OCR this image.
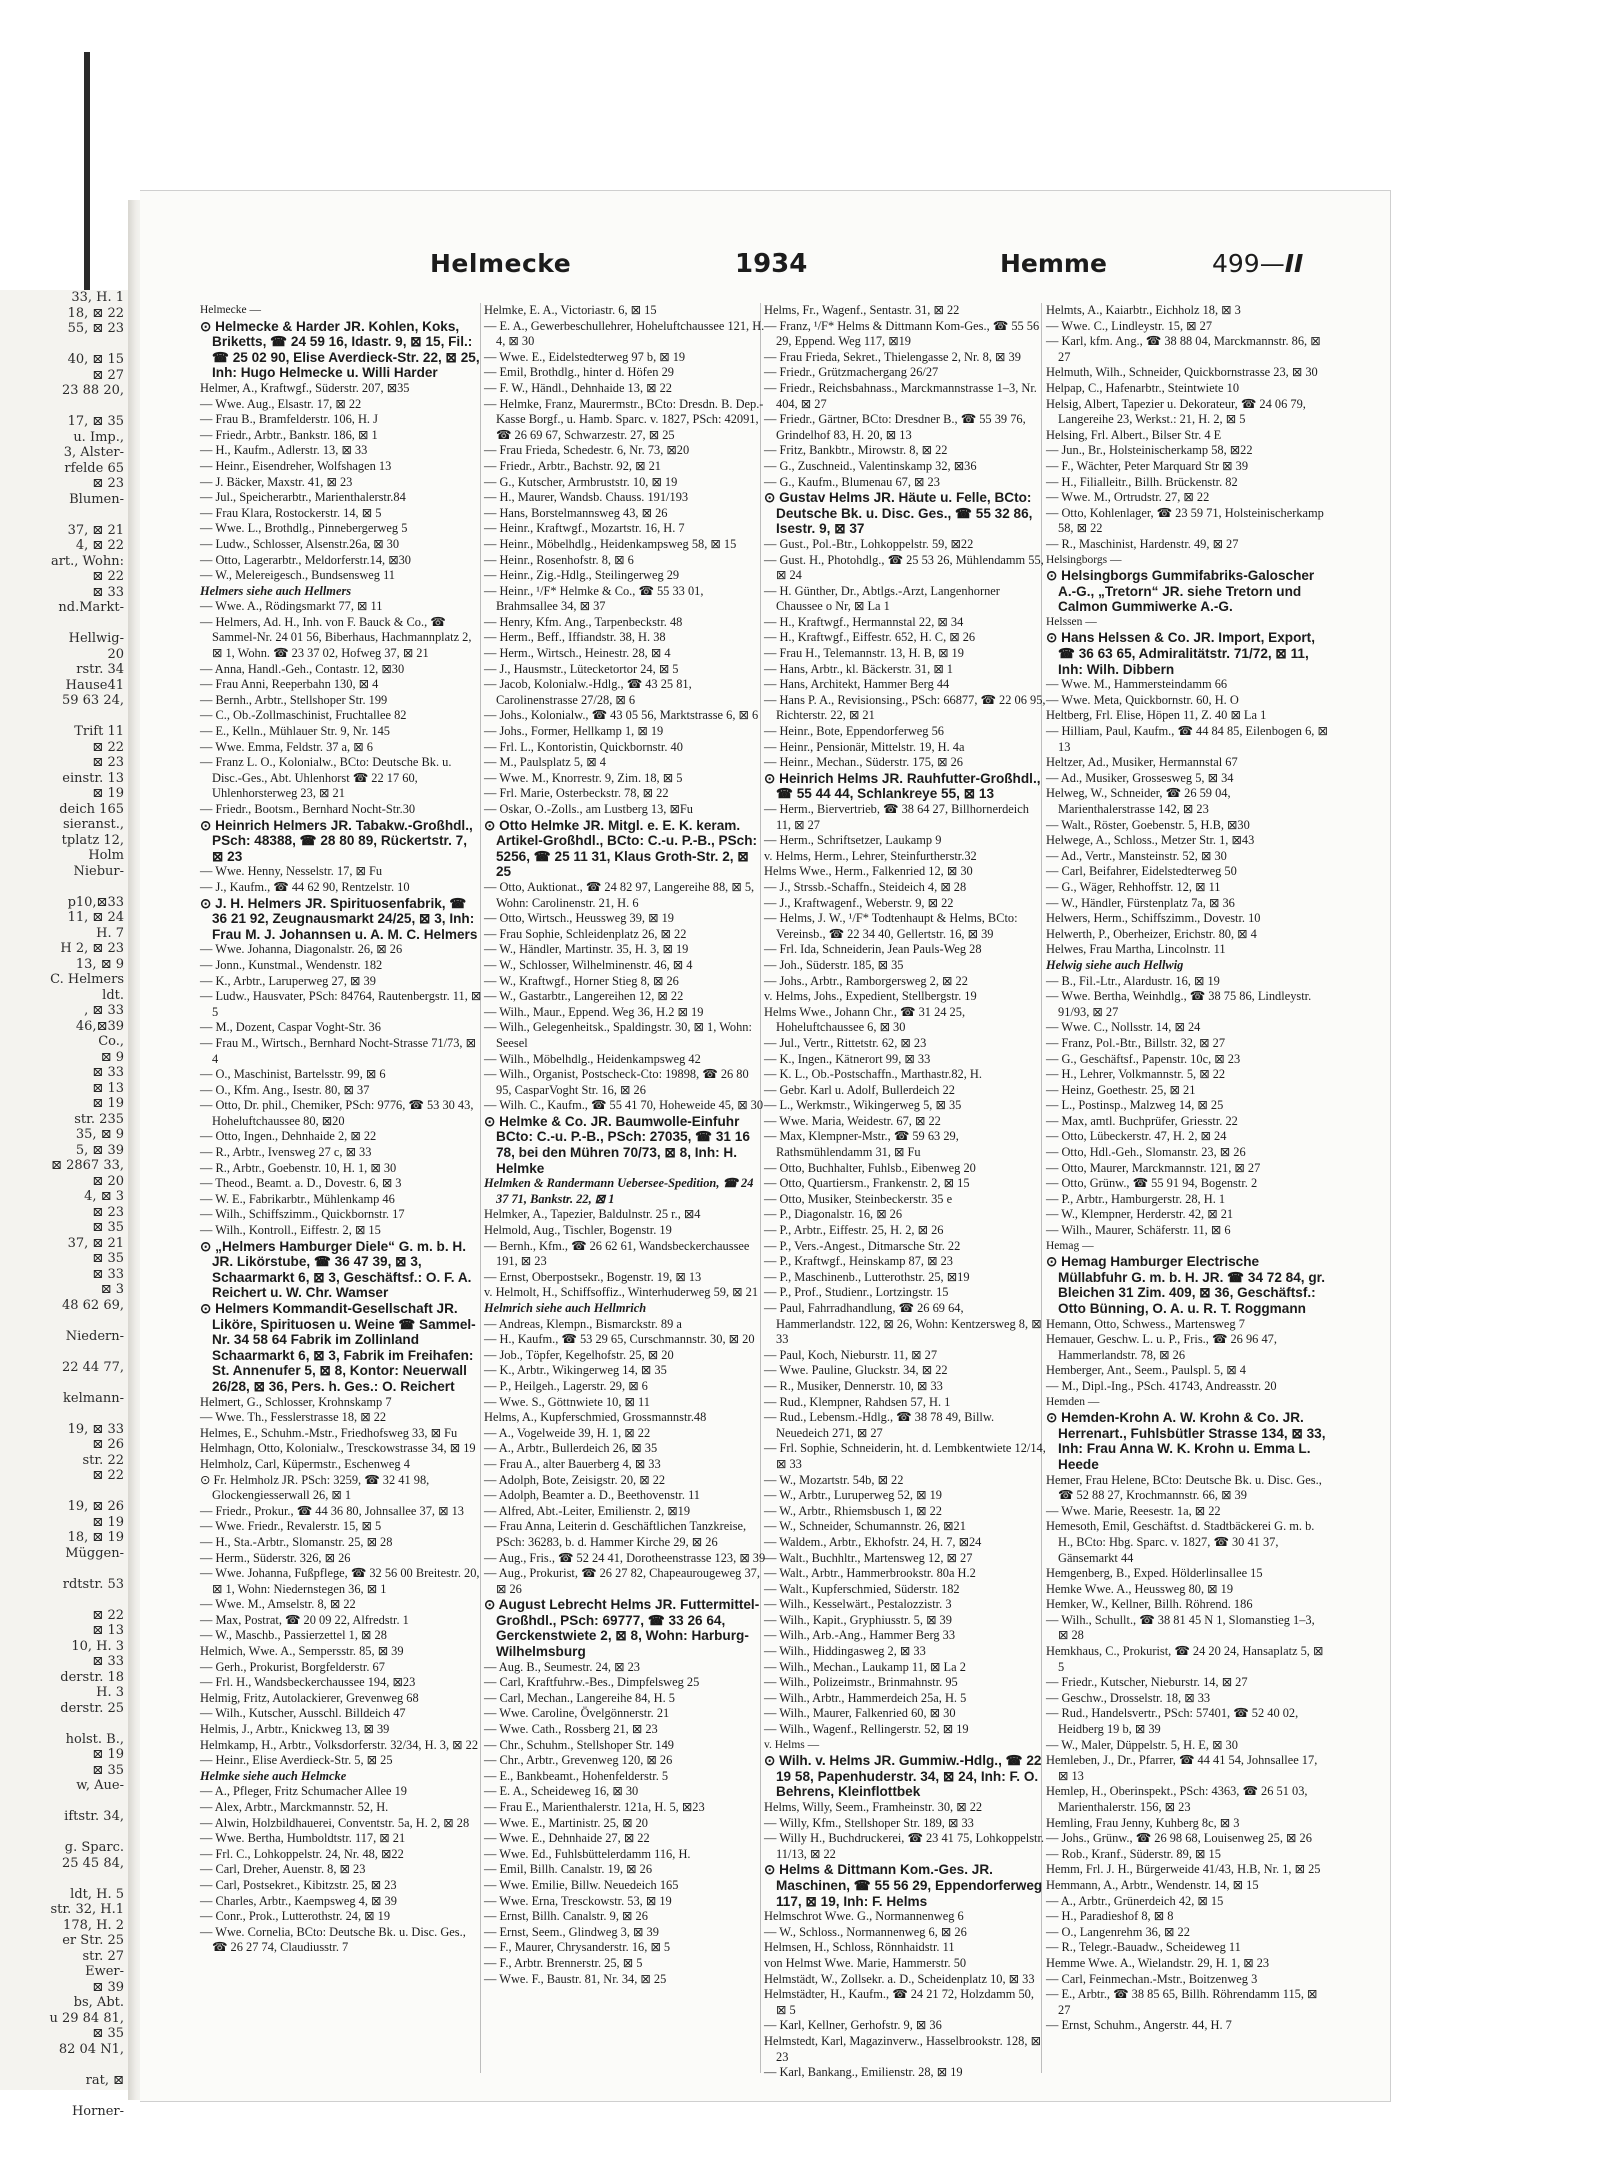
33, H. 1
18, ⊠ 22
55, ⊠ 23

40, ⊠ 15
⊠ 27
23 88 20,

17, ⊠ 35
u. Imp.,
3, Alster-
rfelde 65
⊠ 23
Blumen-

37, ⊠ 21
4, ⊠ 22
art., Wohn:
⊠ 22
⊠ 33
nd.Markt-

Hellwig-
20
rstr. 34
Hause41
59 63 24,

Trift 11
⊠ 22
⊠ 23
einstr. 13
⊠ 19
deich 165
sieranst.,
tplatz 12,
Holm
Niebur-

p10,⊠33
11, ⊠ 24
H. 7
H 2, ⊠ 23
13, ⊠ 9
C. Helmers
ldt.
, ⊠ 33
46,⊠39
Co.,
⊠ 9
⊠ 33
⊠ 13
⊠ 19
str. 235
35, ⊠ 9
5, ⊠ 39
⊠ 2867 33,
⊠ 20
4, ⊠ 3
⊠ 23
⊠ 35
37, ⊠ 21
⊠ 35
⊠ 33
⊠ 3
48 62 69,

Niedern-

22 44 77,

kelmann-

19, ⊠ 33
⊠ 26
str. 22
⊠ 22

19, ⊠ 26
⊠ 19
18, ⊠ 19
Müggen-

rdtstr. 53

⊠ 22
⊠ 13
10, H. 3
⊠ 33
derstr. 18
H. 3
derstr. 25

holst. B.,
⊠ 19
⊠ 35
w, Aue-

iftstr. 34,

g. Sparc.
25 45 84,

ldt, H. 5
str. 32, H.1
178, H. 2
er Str. 25
str. 27
Ewer-
⊠ 39
bs, Abt.
u 29 84 81,
⊠ 35
82 04 N1,

rat, ⊠

Horner-
Helmecke	1934	Hemme	499—II

Helmecke —

⊙ Helmecke & Harder JR. Kohlen, Koks, Briketts, ☎ 24 59 16, Idastr. 9, ⊠ 15, Fil.: ☎ 25 02 90, Elise Averdieck-Str. 22, ⊠ 25, Inh: Hugo Helmecke u. Willi Harder

Helmer, A., Kraftwgf., Süderstr. 207, ⊠35

— Wwe. Aug., Elsastr. 17, ⊠ 22

— Frau B., Bramfelderstr. 106, H. J

— Friedr., Arbtr., Bankstr. 186, ⊠ 1

— H., Kaufm., Adlerstr. 13, ⊠ 33

— Heinr., Eisendreher, Wolfshagen 13

— J. Bäcker, Maxstr. 41, ⊠ 23

— Jul., Speicherarbtr., Marienthalerstr.84

— Frau Klara, Rostockerstr. 14, ⊠ 5

— Wwe. L., Brothdlg., Pinnebergerweg 5

— Ludw., Schlosser, Alsenstr.26a, ⊠ 30

— Otto, Lagerarbtr., Meldorferstr.14, ⊠30

— W., Melereigesch., Bundsensweg 11

Helmers siehe auch Hellmers

— Wwe. A., Rödingsmarkt 77, ⊠ 11

— Helmers, Ad. H., Inh. von F. Bauck & Co., ☎ Sammel-Nr. 24 01 56, Biberhaus, Hachmannplatz 2, ⊠ 1, Wohn. ☎ 23 37 02, Hofweg 37, ⊠ 21

— Anna, Handl.-Geh., Contastr. 12, ⊠30

— Frau Anni, Reeperbahn 130, ⊠ 4

— Bernh., Arbtr., Stellshoper Str. 199

— C., Ob.-Zollmaschinist, Fruchtallee 82

— E., Kelln., Mühlauer Str. 9, Nr. 145

— Wwe. Emma, Feldstr. 37 a, ⊠ 6

— Franz L. O., Kolonialw., BCto: Deutsche Bk. u. Disc.-Ges., Abt. Uhlenhorst ☎ 22 17 60, Uhlenhorsterweg 23, ⊠ 21

— Friedr., Bootsm., Bernhard Nocht-Str.30

⊙ Heinrich Helmers JR. Tabakw.-Großhdl., PSch: 48388, ☎ 28 80 89, Rückertstr. 7, ⊠ 23

— Wwe. Henny, Nesselstr. 17, ⊠ Fu

— J., Kaufm., ☎ 44 62 90, Rentzelstr. 10

⊙ J. H. Helmers JR. Spirituosenfabrik, ☎ 36 21 92, Zeugnausmarkt 24/25, ⊠ 3, Inh: Frau M. J. Johannsen u. A. M. C. Helmers

— Wwe. Johanna, Diagonalstr. 26, ⊠ 26

— Jonn., Kunstmal., Wendenstr. 182

— K., Arbtr., Laruperweg 27, ⊠ 39

— Ludw., Hausvater, PSch: 84764, Rautenbergstr. 11, ⊠ 5

— M., Dozent, Caspar Voght-Str. 36

— Frau M., Wirtsch., Bernhard Nocht-Strasse 71/73, ⊠ 4

— O., Maschinist, Bartelsstr. 99, ⊠ 6

— O., Kfm. Ang., Isestr. 80, ⊠ 37

— Otto, Dr. phil., Chemiker, PSch: 9776, ☎ 53 30 43, Hoheluftchaussee 80, ⊠20

— Otto, Ingen., Dehnhaide 2, ⊠ 22

— R., Arbtr., Ivensweg 27 c, ⊠ 33

— R., Arbtr., Goebenstr. 10, H. 1, ⊠ 30

— Theod., Beamt. a. D., Dovestr. 6, ⊠ 3

— W. E., Fabrikarbtr., Mühlenkamp 46

— Wilh., Schiffszimm., Quickbornstr. 17

— Wilh., Kontroll., Eiffestr. 2, ⊠ 15

⊙ „Helmers Hamburger Diele“ G. m. b. H. JR. Likörstube, ☎ 36 47 39, ⊠ 3, Schaarmarkt 6, ⊠ 3, Geschäftsf.: O. F. A. Reichert u. W. Chr. Wamser

⊙ Helmers Kommandit-Gesellschaft JR. Liköre, Spirituosen u. Weine ☎ Sammel-Nr. 34 58 64 Fabrik im Zollinland Schaarmarkt 6, ⊠ 3, Fabrik im Freihafen: St. Annenufer 5, ⊠ 8, Kontor: Neuerwall 26/28, ⊠ 36, Pers. h. Ges.: O. Reichert

Helmert, G., Schlosser, Krohnskamp 7

— Wwe. Th., Fesslerstrasse 18, ⊠ 22

Helmes, E., Schuhm.-Mstr., Friedhofsweg 33, ⊠ Fu

Helmhagn, Otto, Kolonialw., Tresckowstrasse 34, ⊠ 19

Helmholz, Carl, Küpermstr., Eschenweg 4

⊙ Fr. Helmholz JR. PSch: 3259, ☎ 32 41 98, Glockengiesserwall 26, ⊠ 1

— Friedr., Prokur., ☎ 44 36 80, Johnsallee 37, ⊠ 13

— Wwe. Friedr., Revalerstr. 15, ⊠ 5

— H., Sta.-Arbtr., Slomanstr. 25, ⊠ 28

— Herm., Süderstr. 326, ⊠ 26

— Wwe. Johanna, Fußpflege, ☎ 32 56 00 Breitestr. 20, ⊠ 1, Wohn: Niedernstegen 36, ⊠ 1

— Wwe. M., Amselstr. 8, ⊠ 22

— Max, Postrat, ☎ 20 09 22, Alfredstr. 1

— W., Maschb., Passierzettel 1, ⊠ 28

Helmich, Wwe. A., Sempersstr. 85, ⊠ 39

— Gerh., Prokurist, Borgfelderstr. 67

— Frl. H., Wandsbeckerchaussee 194, ⊠23

Helmig, Fritz, Autolackierer, Grevenweg 68

— Wilh., Kutscher, Ausschl. Billdeich 47

Helmis, J., Arbtr., Knickweg 13, ⊠ 39

Helmkamp, H., Arbtr., Volksdorferstr. 32/34, H. 3, ⊠ 22

— Heinr., Elise Averdieck-Str. 5, ⊠ 25

Helmke siehe auch Helmcke

— A., Pfleger, Fritz Schumacher Allee 19

— Alex, Arbtr., Marckmannstr. 52, H.

— Alwin, Holzbildhauerei, Conventstr. 5a, H. 2, ⊠ 28

— Wwe. Bertha, Humboldtstr. 117, ⊠ 21

— Frl. C., Lohkoppelstr. 24, Nr. 48, ⊠22

— Carl, Dreher, Auenstr. 8, ⊠ 23

— Carl, Postsekret., Kibitzstr. 25, ⊠ 23

— Charles, Arbtr., Kaempsweg 4, ⊠ 39

— Conr., Prok., Lutterothstr. 24, ⊠ 19

— Wwe. Cornelia, BCto: Deutsche Bk. u. Disc. Ges., ☎ 26 27 74, Claudiusstr. 7

Helmke, E. A., Victoriastr. 6, ⊠ 15

— E. A., Gewerbeschullehrer, Hoheluftchaussee 121, H. 4, ⊠ 30

— Wwe. E., Eidelstedterweg 97 b, ⊠ 19

— Emil, Brothdlg., hinter d. Höfen 29

— F. W., Händl., Dehnhaide 13, ⊠ 22

— Helmke, Franz, Maurermstr., BCto: Dresdn. B. Dep.-Kasse Borgf., u. Hamb. Sparc. v. 1827, PSch: 42091, ☎ 26 69 67, Schwarzestr. 27, ⊠ 25

— Frau Frieda, Schedestr. 6, Nr. 73, ⊠20

— Friedr., Arbtr., Bachstr. 92, ⊠ 21

— G., Kutscher, Armbruststr. 10, ⊠ 19

— H., Maurer, Wandsb. Chauss. 191/193

— Hans, Borstelmannsweg 43, ⊠ 26

— Heinr., Kraftwgf., Mozartstr. 16, H. 7

— Heinr., Möbelhdlg., Heidenkampsweg 58, ⊠ 15

— Heinr., Rosenhofstr. 8, ⊠ 6

— Heinr., Zig.-Hdlg., Steilingerweg 29

— Heinr., ¹/F* Helmke & Co., ☎ 55 33 01, Brahmsallee 34, ⊠ 37

— Henry, Kfm. Ang., Tarpenbeckstr. 48

— Herm., Beff., Iffiandstr. 38, H. 38

— Herm., Wirtsch., Heinestr. 28, ⊠ 4

— J., Hausmstr., Lütecketortor 24, ⊠ 5

— Jacob, Kolonialw.-Hdlg., ☎ 43 25 81, Carolinenstrasse 27/28, ⊠ 6

— Johs., Kolonialw., ☎ 43 05 56, Marktstrasse 6, ⊠ 6

— Johs., Former, Hellkamp 1, ⊠ 19

— Frl. L., Kontoristin, Quickbornstr. 40

— M., Paulsplatz 5, ⊠ 4

— Wwe. M., Knorrestr. 9, Zim. 18, ⊠ 5

— Frl. Marie, Osterbeckstr. 78, ⊠ 22

— Oskar, O.-Zolls., am Lustberg 13, ⊠Fu

⊙ Otto Helmke JR. Mitgl. e. E. K. keram. Artikel-Großhdl., BCto: C.-u. P.-B., PSch: 5256, ☎ 25 11 31, Klaus Groth-Str. 2, ⊠ 25

— Otto, Auktionat., ☎ 24 82 97, Langereihe 88, ⊠ 5, Wohn: Carolinenstr. 21, H. 6

— Otto, Wirtsch., Heussweg 39, ⊠ 19

— Frau Sophie, Schleidenplatz 26, ⊠ 22

— W., Händler, Martinstr. 35, H. 3, ⊠ 19

— W., Schlosser, Wilhelminenstr. 46, ⊠ 4

— W., Kraftwgf., Horner Stieg 8, ⊠ 26

— W., Gastarbtr., Langereihen 12, ⊠ 22

— Wilh., Maur., Eppend. Weg 36, H.2 ⊠ 19

— Wilh., Gelegenheitsk., Spaldingstr. 30, ⊠ 1, Wohn: Seesel

— Wilh., Möbelhdlg., Heidenkampsweg 42

— Wilh., Organist, Postscheck-Cto: 19898, ☎ 26 80 95, CasparVoght Str. 16, ⊠ 26

— Wilh. C., Kaufm., ☎ 55 41 70, Hoheweide 45, ⊠ 30

⊙ Helmke & Co. JR. Baumwolle-Einfuhr BCto: C.-u. P.-B., PSch: 27035, ☎ 31 16 78, bei den Mühren 70/73, ⊠ 8, Inh: H. Helmke

Helmken & Randermann Uebersee-Spedition, ☎ 24 37 71, Bankstr. 22, ⊠ 1

Helmker, A., Tapezier, Baldulnstr. 25 r., ⊠4

Helmold, Aug., Tischler, Bogenstr. 19

— Bernh., Kfm., ☎ 26 62 61, Wandsbeckerchaussee 191, ⊠ 23

— Ernst, Oberpostsekr., Bogenstr. 19, ⊠ 13

v. Helmolt, H., Schiffsoffiz., Winterhuderweg 59, ⊠ 21

Helmrich siehe auch Hellmrich

— Andreas, Klempn., Bismarckstr. 89 a

— H., Kaufm., ☎ 53 29 65, Curschmannstr. 30, ⊠ 20

— Job., Töpfer, Kegelhofstr. 25, ⊠ 20

— K., Arbtr., Wikingerweg 14, ⊠ 35

— P., Heilgeh., Lagerstr. 29, ⊠ 6

— Wwe. S., Göttnwiete 10, ⊠ 11

Helms, A., Kupferschmied, Grossmannstr.48

— A., Vogelweide 39, H. 1, ⊠ 22

— A., Arbtr., Bullerdeich 26, ⊠ 35

— Frau A., alter Bauerberg 4, ⊠ 33

— Adolph, Bote, Zeisigstr. 20, ⊠ 22

— Adolph, Beamter a. D., Beethovenstr. 11

— Alfred, Abt.-Leiter, Emilienstr. 2, ⊠19

— Frau Anna, Leiterin d. Geschäftlichen Tanzkreise, PSch: 36283, b. d. Hammer Kirche 29, ⊠ 26

— Aug., Fris., ☎ 52 24 41, Dorotheenstrasse 123, ⊠ 39

— Aug., Prokurist, ☎ 26 27 82, Chapeaurougeweg 37, ⊠ 26

⊙ August Lebrecht Helms JR. Futtermittel-Großhdl., PSch: 69777, ☎ 33 26 64, Gerckenstwiete 2, ⊠ 8, Wohn: Harburg-Wilhelmsburg

— Aug. B., Seumestr. 24, ⊠ 23

— Carl, Kraftfuhrw.-Bes., Dimpfelsweg 25

— Carl, Mechan., Langereihe 84, H. 5

— Wwe. Caroline, Övelgönnerstr. 21

— Wwe. Cath., Rossberg 21, ⊠ 23

— Chr., Schuhm., Stellshoper Str. 149

— Chr., Arbtr., Grevenweg 120, ⊠ 26

— E., Bankbeamt., Hohenfelderstr. 5

— E. A., Scheideweg 16, ⊠ 30

— Frau E., Marienthalerstr. 121a, H. 5, ⊠23

— Wwe. E., Martinistr. 25, ⊠ 20

— Wwe. E., Dehnhaide 27, ⊠ 22

— Wwe. Ed., Fuhlsbüttelerdamm 116, H.

— Emil, Billh. Canalstr. 19, ⊠ 26

— Wwe. Emilie, Billw. Neuedeich 165

— Wwe. Erna, Tresckowstr. 53, ⊠ 19

— Ernst, Billh. Canalstr. 9, ⊠ 26

— Ernst, Seem., Glindweg 3, ⊠ 39

— F., Maurer, Chrysanderstr. 16, ⊠ 5

— F., Arbtr. Brennerstr. 25, ⊠ 5

— Wwe. F., Baustr. 81, Nr. 34, ⊠ 25

Helms, Fr., Wagenf., Sentastr. 31, ⊠ 22

— Franz, ¹/F* Helms & Dittmann Kom-Ges., ☎ 55 56 29, Eppend. Weg 117, ⊠19

— Frau Frieda, Sekret., Thielengasse 2, Nr. 8, ⊠ 39

— Friedr., Grützmachergang 26/27

— Friedr., Reichsbahnass., Marckmannstrasse 1–3, Nr. 404, ⊠ 27

— Friedr., Gärtner, BCto: Dresdner B., ☎ 55 39 76, Grindelhof 83, H. 20, ⊠ 13

— Fritz, Bankbtr., Mirowstr. 8, ⊠ 22

— G., Zuschneid., Valentinskamp 32, ⊠36

— G., Kaufm., Blumenau 67, ⊠ 23

⊙ Gustav Helms JR. Häute u. Felle, BCto: Deutsche Bk. u. Disc. Ges., ☎ 55 32 86, Isestr. 9, ⊠ 37

— Gust., Pol.-Btr., Lohkoppelstr. 59, ⊠22

— Gust. H., Photohdlg., ☎ 25 53 26, Mühlendamm 55, ⊠ 24

— H. Günther, Dr., Abtlgs.-Arzt, Langenhorner Chaussee o Nr, ⊠ La 1

— H., Kraftwgf., Hermannstal 22, ⊠ 34

— H., Kraftwgf., Eiffestr. 652, H. C, ⊠ 26

— Frau H., Telemannstr. 13, H. B, ⊠ 19

— Hans, Arbtr., kl. Bäckerstr. 31, ⊠ 1

— Hans, Architekt, Hammer Berg 44

— Hans P. A., Revisionsing., PSch: 66877, ☎ 22 06 95, Richterstr. 22, ⊠ 21

— Heinr., Bote, Eppendorferweg 56

— Heinr., Pensionär, Mittelstr. 19, H. 4a

— Heinr., Mechan., Süderstr. 175, ⊠ 26

⊙ Heinrich Helms JR. Rauhfutter-Großhdl., ☎ 55 44 44, Schlankreye 55, ⊠ 13

— Herm., Biervertrieb, ☎ 38 64 27, Billhornerdeich 11, ⊠ 27

— Herm., Schriftsetzer, Laukamp 9

v. Helms, Herm., Lehrer, Steinfurtherstr.32

Helms Wwe., Herm., Falkenried 12, ⊠ 30

— J., Strssb.-Schaffn., Steideich 4, ⊠ 28

— J., Kraftwagenf., Weberstr. 9, ⊠ 22

— Helms, J. W., ¹/F* Todtenhaupt & Helms, BCto: Vereinsb., ☎ 22 34 40, Gellertstr. 16, ⊠ 39

— Frl. Ida, Schneiderin, Jean Pauls-Weg 28

— Joh., Süderstr. 185, ⊠ 35

— Johs., Arbtr., Ramborgersweg 2, ⊠ 22

v. Helms, Johs., Expedient, Stellbergstr. 19

Helms Wwe., Johann Chr., ☎ 31 24 25, Hoheluftchaussee 6, ⊠ 30

— Jul., Vertr., Rittetstr. 62, ⊠ 23

— K., Ingen., Kätnerort 99, ⊠ 33

— K. L., Ob.-Postschaffn., Marthastr.82, H.

— Gebr. Karl u. Adolf, Bullerdeich 22

— L., Werkmstr., Wikingerweg 5, ⊠ 35

— Wwe. Maria, Weidestr. 67, ⊠ 22

— Max, Klempner-Mstr., ☎ 59 63 29, Rathsmühlendamm 31, ⊠ Fu

— Otto, Buchhalter, Fuhlsb., Eibenweg 20

— Otto, Quartiersm., Frankenstr. 2, ⊠ 15

— Otto, Musiker, Steinbeckerstr. 35 e

— P., Diagonalstr. 16, ⊠ 26

— P., Arbtr., Eiffestr. 25, H. 2, ⊠ 26

— P., Vers.-Angest., Ditmarsche Str. 22

— P., Kraftwgf., Heinskamp 87, ⊠ 23

— P., Maschinenb., Lutterothstr. 25, ⊠19

— P., Prof., Studienr., Lortzingstr. 15

— Paul, Fahrradhandlung, ☎ 26 69 64, Hammerlandstr. 122, ⊠ 26, Wohn: Kentzersweg 8, ⊠ 33

— Paul, Koch, Nieburstr. 11, ⊠ 27

— Wwe. Pauline, Gluckstr. 34, ⊠ 22

— R., Musiker, Dennerstr. 10, ⊠ 33

— Rud., Klempner, Rahdsen 57, H. 1

— Rud., Lebensm.-Hdlg., ☎ 38 78 49, Billw. Neuedeich 271, ⊠ 27

— Frl. Sophie, Schneiderin, ht. d. Lembkentwiete 12/14, ⊠ 33

— W., Mozartstr. 54b, ⊠ 22

— W., Arbtr., Luruperweg 52, ⊠ 19

— W., Arbtr., Rhiemsbusch 1, ⊠ 22

— W., Schneider, Schumannstr. 26, ⊠21

— Waldem., Arbtr., Ekhofstr. 24, H. 7, ⊠24

— Walt., Buchhltr., Martensweg 12, ⊠ 27

— Walt., Arbtr., Hammerbrookstr. 80a H.2

— Walt., Kupferschmied, Süderstr. 182

— Wilh., Kesselwärt., Pestalozzistr. 3

— Wilh., Kapit., Gryphiusstr. 5, ⊠ 39

— Wilh., Arb.-Ang., Hammer Berg 33

— Wilh., Hiddingasweg 2, ⊠ 33

— Wilh., Mechan., Laukamp 11, ⊠ La 2

— Wilh., Polizeimstr., Brinmahnstr. 95

— Wilh., Arbtr., Hammerdeich 25a, H. 5

— Wilh., Maurer, Falkenried 60, ⊠ 30

— Wilh., Wagenf., Rellingerstr. 52, ⊠ 19

v. Helms —

⊙ Wilh. v. Helms JR. Gummiw.-Hdlg., ☎ 22 19 58, Papenhuderstr. 34, ⊠ 24, Inh: F. O. Behrens, Kleinflottbek

Helms, Willy, Seem., Framheinstr. 30, ⊠ 22

— Willy, Kfm., Stellshoper Str. 189, ⊠ 33

— Willy H., Buchdruckerei, ☎ 23 41 75, Lohkoppelstr. 11/13, ⊠ 22

⊙ Helms & Dittmann Kom.-Ges. JR. Maschinen, ☎ 55 56 29, Eppendorferweg 117, ⊠ 19, Inh: F. Helms

Helmschrot Wwe. G., Normannenweg 6

— W., Schloss., Normannenweg 6, ⊠ 26

Helmsen, H., Schloss, Rönnhaidstr. 11

von Helmst Wwe. Marie, Hammerstr. 50

Helmstädt, W., Zollsekr. a. D., Scheidenplatz 10, ⊠ 33

Helmstädter, H., Kaufm., ☎ 24 21 72, Holzdamm 50, ⊠ 5

— Karl, Kellner, Gerhofstr. 9, ⊠ 36

Helmstedt, Karl, Magazinverw., Hasselbrookstr. 128, ⊠ 23

— Karl, Bankang., Emilienstr. 28, ⊠ 19

Helmts, A., Kaiarbtr., Eichholz 18, ⊠ 3

— Wwe. C., Lindleystr. 15, ⊠ 27

— Karl, kfm. Ang., ☎ 38 88 04, Marckmannstr. 86, ⊠ 27

Helmuth, Wilh., Schneider, Quickbornstrasse 23, ⊠ 30

Helpap, C., Hafenarbtr., Steintwiete 10

Helsig, Albert, Tapezier u. Dekorateur, ☎ 24 06 79, Langereihe 23, Werkst.: 21, H. 2, ⊠ 5

Helsing, Frl. Albert., Bilser Str. 4 E

— Jun., Br., Holsteinischerkamp 58, ⊠22

— F., Wächter, Peter Marquard Str ⊠ 39

— H., Filialleitr., Billh. Brückenstr. 82

— Wwe. M., Ortrudstr. 27, ⊠ 22

— Otto, Kohlenlager, ☎ 23 59 71, Holsteinischerkamp 58, ⊠ 22

— R., Maschinist, Hardenstr. 49, ⊠ 27

Helsingborgs —

⊙ Helsingborgs Gummifabriks-Galoscher A.-G., „Tretorn“ JR. siehe Tretorn und Calmon Gummiwerke A.-G.

Helssen —

⊙ Hans Helssen & Co. JR. Import, Export, ☎ 36 63 65, Admiralitätstr. 71/72, ⊠ 11, Inh: Wilh. Dibbern

— Wwe. M., Hammersteindamm 66

— Wwe. Meta, Quickbornstr. 60, H. O

Heltberg, Frl. Elise, Höpen 11, Z. 40 ⊠ La 1

— Hilliam, Paul, Kaufm., ☎ 44 84 85, Eilenbogen 6, ⊠ 13

Heltzer, Ad., Musiker, Hermannstal 67

— Ad., Musiker, Grossesweg 5, ⊠ 34

Helweg, W., Schneider, ☎ 26 59 04, Marienthalerstrasse 142, ⊠ 23

— Walt., Röster, Goebenstr. 5, H.B, ⊠30

Helwege, A., Schloss., Metzer Str. 1, ⊠43

— Ad., Vertr., Mansteinstr. 52, ⊠ 30

— Carl, Beifahrer, Eidelstedterweg 50

— G., Wäger, Rehhoffstr. 12, ⊠ 11

— W., Händler, Fürstenplatz 7a, ⊠ 36

Helwers, Herm., Schiffszimm., Dovestr. 10

Helwerth, P., Oberheizer, Erichstr. 80, ⊠ 4

Helwes, Frau Martha, Lincolnstr. 11

Helwig siehe auch Hellwig

— B., Fil.-Ltr., Alardustr. 16, ⊠ 19

— Wwe. Bertha, Weinhdlg., ☎ 38 75 86, Lindleystr. 91/93, ⊠ 27

— Wwe. C., Nollsstr. 14, ⊠ 24

— Franz, Pol.-Btr., Billstr. 32, ⊠ 27

— G., Geschäftsf., Papenstr. 10c, ⊠ 23

— H., Lehrer, Volkmannstr. 5, ⊠ 22

— Heinz, Goethestr. 25, ⊠ 21

— L., Postinsp., Malzweg 14, ⊠ 25

— Max, amtl. Buchprüfer, Griesstr. 22

— Otto, Lübeckerstr. 47, H. 2, ⊠ 24

— Otto, Hdl.-Geh., Slomanstr. 23, ⊠ 26

— Otto, Maurer, Marckmannstr. 121, ⊠ 27

— Otto, Grünw., ☎ 55 91 94, Bogenstr. 2

— P., Arbtr., Hamburgerstr. 28, H. 1

— W., Klempner, Herderstr. 42, ⊠ 21

— Wilh., Maurer, Schäferstr. 11, ⊠ 6

Hemag —

⊙ Hemag Hamburger Electrische Müllabfuhr G. m. b. H. JR. ☎ 34 72 84, gr. Bleichen 31 Zim. 409, ⊠ 36, Geschäftsf.: Otto Bünning, O. A. u. R. T. Roggmann

Hemann, Otto, Schwess., Martensweg 7

Hemauer, Geschw. L. u. P., Fris., ☎ 26 96 47, Hammerlandstr. 78, ⊠ 26

Hemberger, Ant., Seem., Paulspl. 5, ⊠ 4

— M., Dipl.-Ing., PSch. 41743, Andreasstr. 20

Hemden —

⊙ Hemden-Krohn A. W. Krohn & Co. JR. Herrenart., Fuhlsbütler Strasse 134, ⊠ 33, Inh: Frau Anna W. K. Krohn u. Emma L. Heede

Hemer, Frau Helene, BCto: Deutsche Bk. u. Disc. Ges., ☎ 52 88 27, Krochmannstr. 66, ⊠ 39

— Wwe. Marie, Reesestr. 1a, ⊠ 22

Hemesoth, Emil, Geschäftst. d. Stadtbäckerei G. m. b. H., BCto: Hbg. Sparc. v. 1827, ☎ 30 41 37, Gänsemarkt 44

Hemgenberg, B., Exped. Hölderlinsallee 15

Hemke Wwe. A., Heussweg 80, ⊠ 19

Hemker, W., Kellner, Billh. Röhrend. 186

— Wilh., Schullt., ☎ 38 81 45 N 1, Slomanstieg 1–3, ⊠ 28

Hemkhaus, C., Prokurist, ☎ 24 20 24, Hansaplatz 5, ⊠ 5

— Friedr., Kutscher, Nieburstr. 14, ⊠ 27

— Geschw., Drosselstr. 18, ⊠ 33

— Rud., Handelsvertr., PSch: 57401, ☎ 52 40 02, Heidberg 19 b, ⊠ 39

— W., Maler, Düppelstr. 5, H. E, ⊠ 30

Hemleben, J., Dr., Pfarrer, ☎ 44 41 54, Johnsallee 17, ⊠ 13

Hemlep, H., Oberinspekt., PSch: 4363, ☎ 26 51 03, Marienthalerstr. 156, ⊠ 23

Hemling, Frau Jenny, Kuhberg 8c, ⊠ 3

— Johs., Grünw., ☎ 26 98 68, Louisenweg 25, ⊠ 26

— Rob., Kranf., Süderstr. 89, ⊠ 15

Hemm, Frl. J. H., Bürgerweide 41/43, H.B, Nr. 1, ⊠ 25

Hemmann, A., Arbtr., Wendenstr. 14, ⊠ 15

— A., Arbtr., Grünerdeich 42, ⊠ 15

— H., Paradieshof 8, ⊠ 8

— O., Langenrehm 36, ⊠ 22

— R., Telegr.-Bauadw., Scheideweg 11

Hemme Wwe. A., Wielandstr. 29, H. 1, ⊠ 23

— Carl, Feinmechan.-Mstr., Boitzenweg 3

— E., Arbtr., ☎ 38 85 65, Billh. Röhrendamm 115, ⊠ 27

— Ernst, Schuhm., Angerstr. 44, H. 7
